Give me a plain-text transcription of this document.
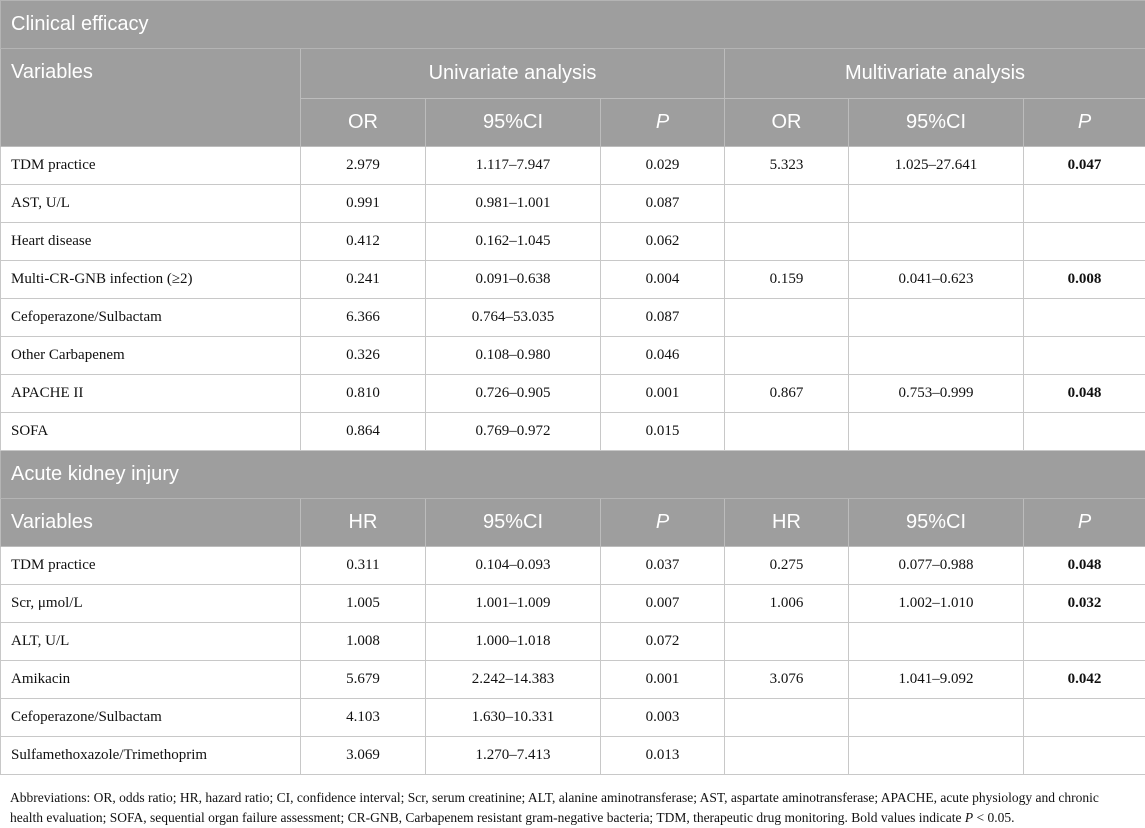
Clinical efficacy						
Variables	Univariate analysis			Multivariate analysis		
	OR	95%CI	P	OR	95%CI	P
TDM practice	2.979	1.117–7.947	0.029	5.323	1.025–27.641	0.047
AST, U/L	0.991	0.981–1.001	0.087			
Heart disease	0.412	0.162–1.045	0.062			
Multi-CR-GNB infection (≥2)	0.241	0.091–0.638	0.004	0.159	0.041–0.623	0.008
Cefoperazone/Sulbactam	6.366	0.764–53.035	0.087			
Other Carbapenem	0.326	0.108–0.980	0.046			
APACHE II	0.810	0.726–0.905	0.001	0.867	0.753–0.999	0.048
SOFA	0.864	0.769–0.972	0.015			
Acute kidney injury						
Variables	HR	95%CI	P	HR	95%CI	P
TDM practice	0.311	0.104–0.093	0.037	0.275	0.077–0.988	0.048
Scr, μmol/L	1.005	1.001–1.009	0.007	1.006	1.002–1.010	0.032
ALT, U/L	1.008	1.000–1.018	0.072			
Amikacin	5.679	2.242–14.383	0.001	3.076	1.041–9.092	0.042
Cefoperazone/Sulbactam	4.103	1.630–10.331	0.003			
Sulfamethoxazole/Trimethoprim	3.069	1.270–7.413	0.013			
Abbreviations: OR, odds ratio; HR, hazard ratio; CI, confidence interval; Scr, serum creatinine; ALT, alanine aminotransferase; AST, aspartate aminotransferase; APACHE, acute physiology and chronic health evaluation; SOFA, sequential organ failure assessment; CR-GNB, Carbapenem resistant gram-negative bacteria; TDM, therapeutic drug monitoring. Bold values indicate P < 0.05.
